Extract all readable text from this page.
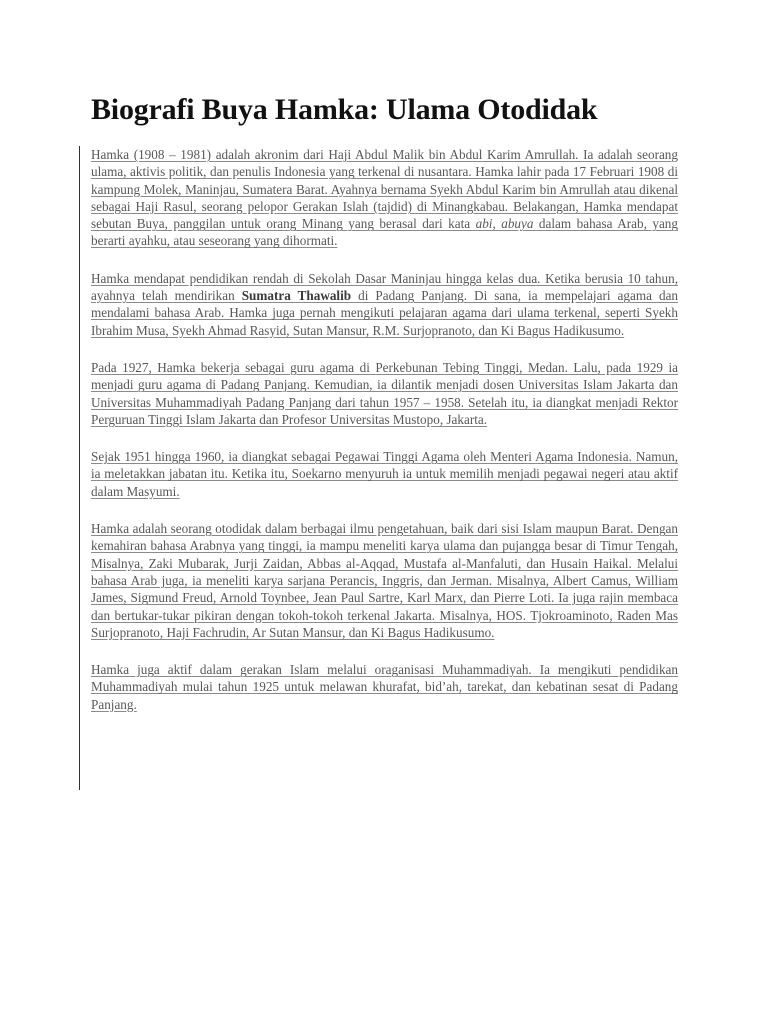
Biografi Buya Hamka: Ulama Otodidak

Hamka (1908 – 1981) adalah akronim dari Haji Abdul Malik bin Abdul Karim Amrullah. Ia adalah seorang ulama, aktivis politik, dan penulis Indonesia yang terkenal di nusantara. Hamka lahir pada 17 Februari 1908 di kampung Molek, Maninjau, Sumatera Barat. Ayahnya bernama Syekh Abdul Karim bin Amrullah atau dikenal sebagai Haji Rasul, seorang pelopor Gerakan Islah (tajdid) di Minangkabau. Belakangan, Hamka mendapat sebutan Buya, panggilan untuk orang Minang yang berasal dari kata abi, abuya dalam bahasa Arab, yang berarti ayahku, atau seseorang yang dihormati.

Hamka mendapat pendidikan rendah di Sekolah Dasar Maninjau hingga kelas dua. Ketika berusia 10 tahun, ayahnya telah mendirikan Sumatra Thawalib di Padang Panjang. Di sana, ia mempelajari agama dan mendalami bahasa Arab. Hamka juga pernah mengikuti pelajaran agama dari ulama terkenal, seperti Syekh Ibrahim Musa, Syekh Ahmad Rasyid, Sutan Mansur, R.M. Surjopranoto, dan Ki Bagus Hadikusumo.

Pada 1927, Hamka bekerja sebagai guru agama di Perkebunan Tebing Tinggi, Medan. Lalu, pada 1929 ia menjadi guru agama di Padang Panjang. Kemudian, ia dilantik menjadi dosen Universitas Islam Jakarta dan Universitas Muhammadiyah Padang Panjang dari tahun 1957 – 1958. Setelah itu, ia diangkat menjadi Rektor Perguruan Tinggi Islam Jakarta dan Profesor Universitas Mustopo, Jakarta.

Sejak 1951 hingga 1960, ia diangkat sebagai Pegawai Tinggi Agama oleh Menteri Agama Indonesia. Namun, ia meletakkan jabatan itu. Ketika itu, Soekarno menyuruh ia untuk memilih menjadi pegawai negeri atau aktif dalam Masyumi.

Hamka adalah seorang otodidak dalam berbagai ilmu pengetahuan, baik dari sisi Islam maupun Barat. Dengan kemahiran bahasa Arabnya yang tinggi, ia mampu meneliti karya ulama dan pujangga besar di Timur Tengah, Misalnya, Zaki Mubarak, Jurji Zaidan, Abbas al-Aqqad, Mustafa al-Manfaluti, dan Husain Haikal. Melalui bahasa Arab juga, ia meneliti karya sarjana Perancis, Inggris, dan Jerman. Misalnya, Albert Camus, William James, Sigmund Freud, Arnold Toynbee, Jean Paul Sartre, Karl Marx, dan Pierre Loti. Ia juga rajin membaca dan bertukar-tukar pikiran dengan tokoh-tokoh terkenal Jakarta. Misalnya, HOS. Tjokroaminoto, Raden Mas Surjopranoto, Haji Fachrudin, Ar Sutan Mansur, dan Ki Bagus Hadikusumo.

Hamka juga aktif dalam gerakan Islam melalui oraganisasi Muhammadiyah. Ia mengikuti pendidikan Muhammadiyah mulai tahun 1925 untuk melawan khurafat, bid’ah, tarekat, dan kebatinan sesat di Padang Panjang.
